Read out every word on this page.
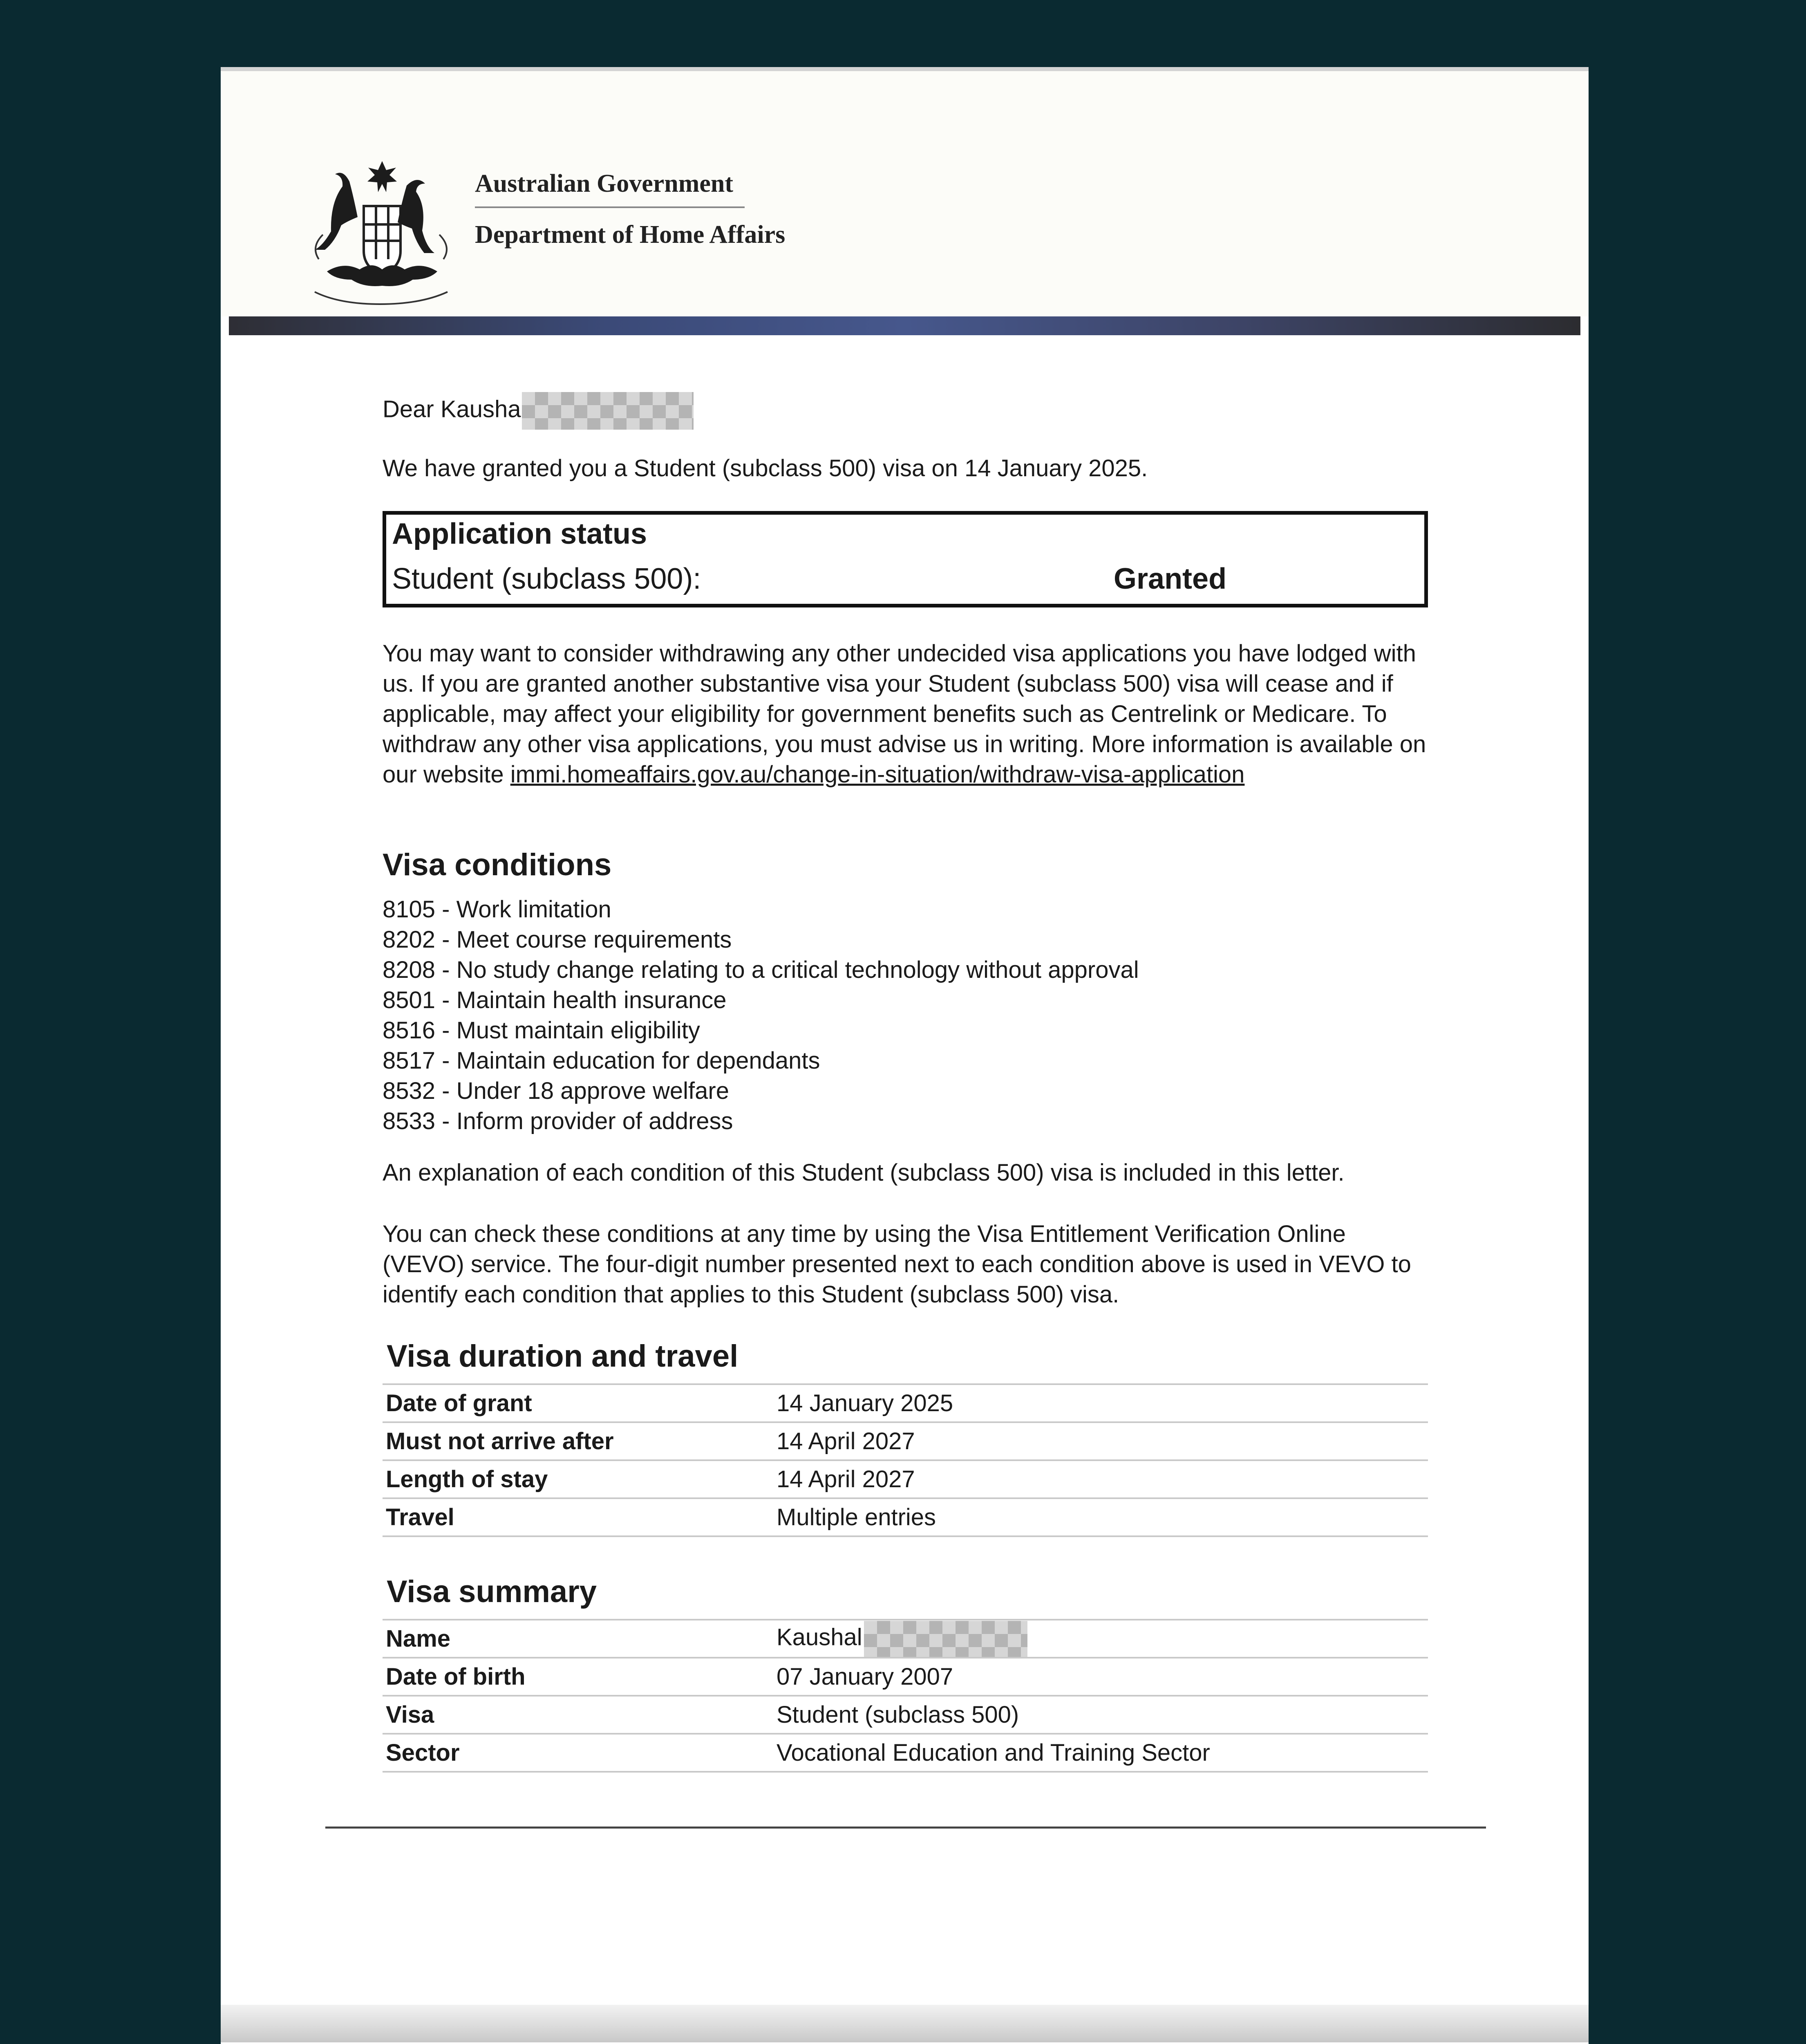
Australian Government
Department of Home Affairs
Dear Kausha
We have granted you a Student (subclass 500) visa on 14 January 2025.
Application status
Student (subclass 500):	Granted
You may want to consider withdrawing any other undecided visa applications you have lodged with us. If you are granted another substantive visa your Student (subclass 500) visa will cease and if applicable, may affect your eligibility for government benefits such as Centrelink or Medicare. To withdraw any other visa applications, you must advise us in writing. More information is available on our website immi.homeaffairs.gov.au/change-in-situation/withdraw-visa-application
Visa conditions
8105 - Work limitation
8202 - Meet course requirements
8208 - No study change relating to a critical technology without approval
8501 - Maintain health insurance
8516 - Must maintain eligibility
8517 - Maintain education for dependants
8532 - Under 18 approve welfare
8533 - Inform provider of address
An explanation of each condition of this Student (subclass 500) visa is included in this letter.
You can check these conditions at any time by using the Visa Entitlement Verification Online (VEVO) service. The four-digit number presented next to each condition above is used in VEVO to identify each condition that applies to this Student (subclass 500) visa.
Visa duration and travel
Date of grant	14 January 2025
Must not arrive after	14 April 2027
Length of stay	14 April 2027
Travel	Multiple entries
Visa summary
Name	Kaushal
Date of birth	07 January 2007
Visa	Student (subclass 500)
Sector	Vocational Education and Training Sector
